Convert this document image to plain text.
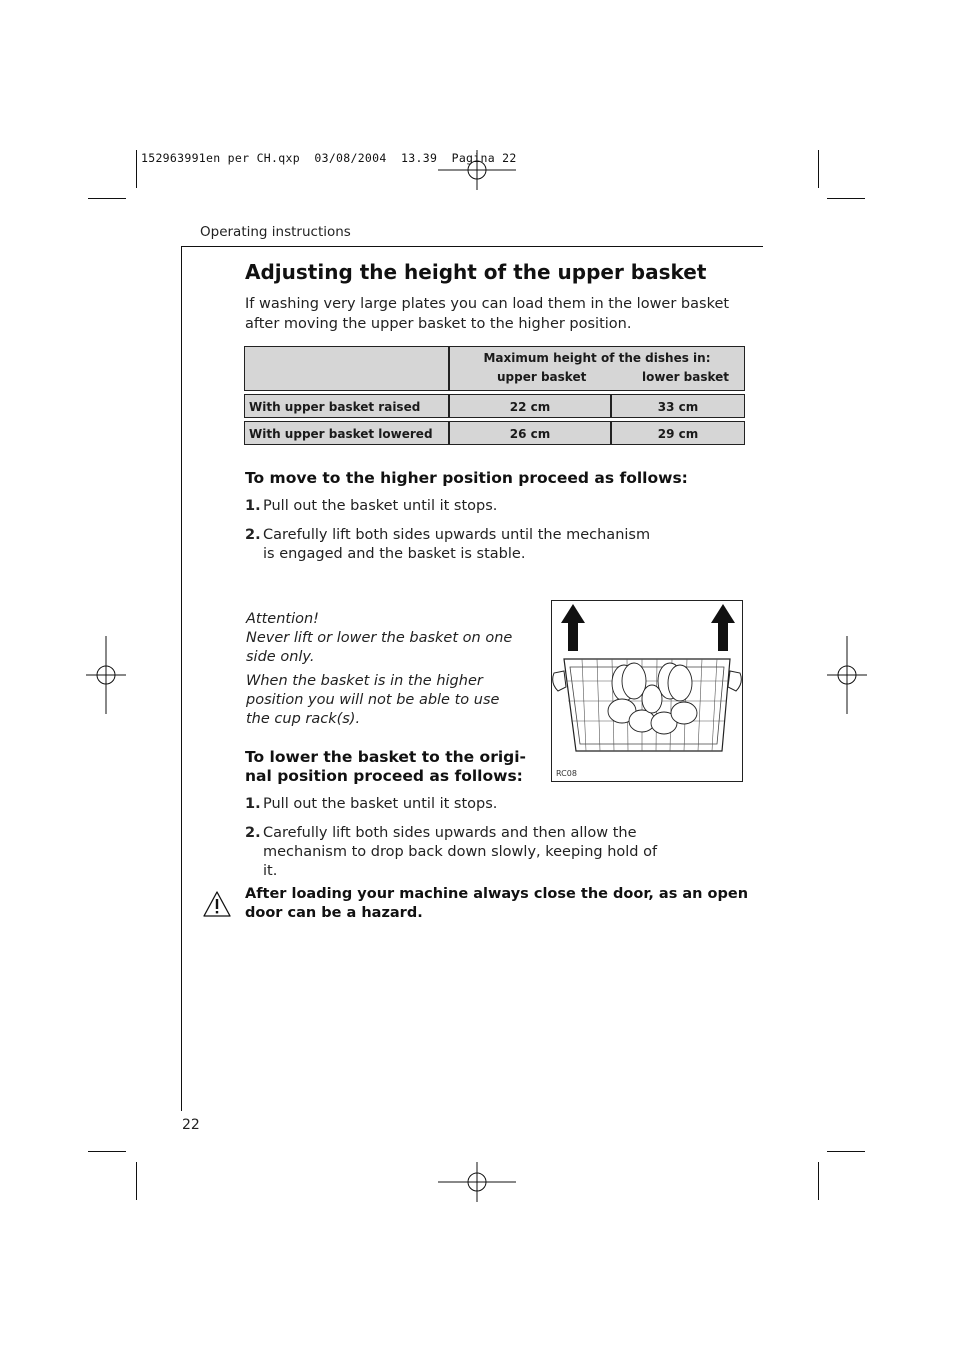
152963991en per CH.qxp  03/08/2004  13.39  Pagina 22
Operating instructions
Adjusting the height of the upper basket
If washing very large plates you can load them in the lower basket after moving the upper basket to the higher position.
Maximum height of the dishes in:
upper basket	lower basket
With upper basket raised	22 cm	33 cm
With upper basket lowered	26 cm	29 cm
To move to the higher position proceed as follows:
1. Pull out the basket until it stops.
2. Carefully lift both sides upwards until the mechanism is engaged and the basket is stable.
Attention!
Never lift or lower the basket on one side only.
When the basket is in the higher position you will not be able to use the cup rack(s).
RC08
To lower the basket to the origi-
nal position proceed as follows:
1. Pull out the basket until it stops.
2. Carefully lift both sides upwards and then allow the mechanism to drop back down slowly, keeping hold of it.
After loading your machine always close the door, as an open door can be a hazard.
22
